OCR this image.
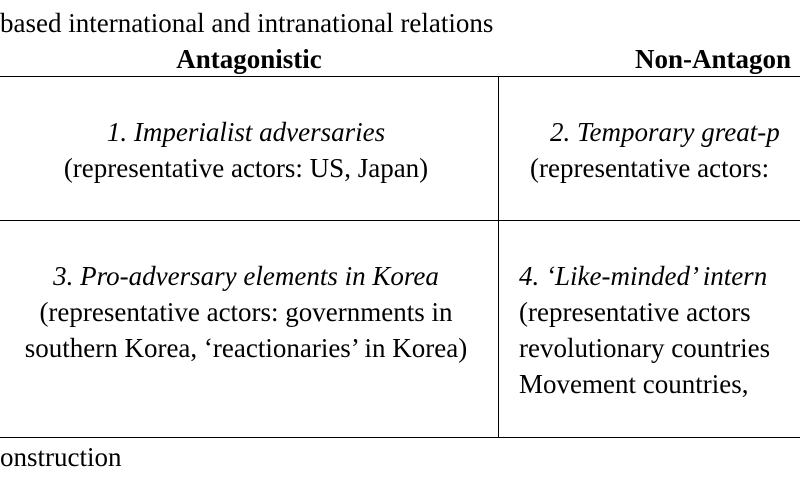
based international and intranational relations
Antagonistic	Non-Antagon
1. Imperialist adversaries
(representative actors: US, Japan)
2. Temporary great-p
(representative actors:
3. Pro-adversary elements in Korea
(representative actors: governments in southern Korea, ‘reactionaries’ in Korea)
4. ‘Like-minded’ intern
(representative actors revolutionary countries Movement countries,
onstruction
